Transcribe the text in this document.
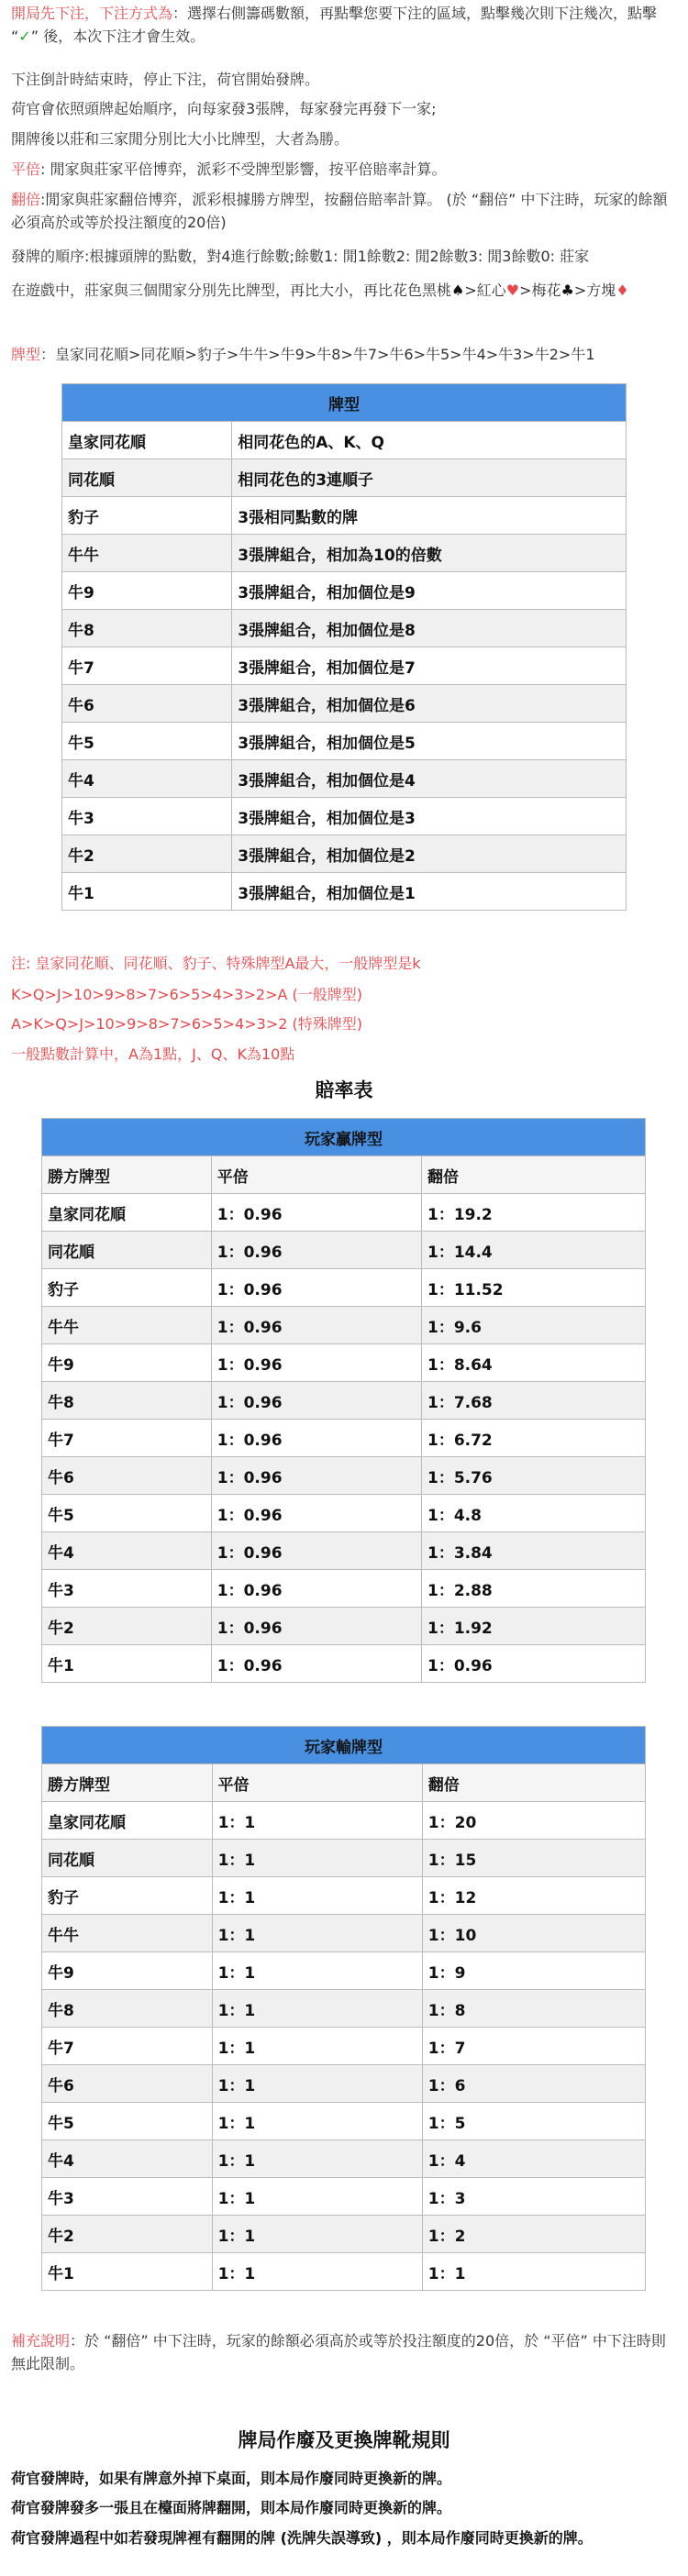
開局先下注，下注方式為：選擇右側籌碼數額，再點擊您要下注的區域，點擊幾次則下注幾次，點擊 “✓” 後，本次下注才會生效。
下注倒計時結束時，停止下注，荷官開始發牌。
荷官會依照頭牌起始順序，向每家發3張牌，每家發完再發下一家;
開牌後以莊和三家閒分別比大小比牌型，大者為勝。
平倍: 閒家與莊家平倍博弈，派彩不受牌型影響，按平倍賠率計算。
翻倍:閒家與莊家翻倍博弈，派彩根據勝方牌型，按翻倍賠率計算。 (於 “翻倍” 中下注時，玩家的餘額必須高於或等於投注額度的20倍)
發牌的順序:根據頭牌的點數，對4進行餘數;餘數1: 閒1餘數2: 閒2餘數3: 閒3餘數0: 莊家
在遊戲中，莊家與三個閒家分別先比牌型，再比大小，再比花色黑桃♠>紅心♥>梅花♣>方塊♦
牌型：皇家同花順>同花順>豹子>牛牛>牛9>牛8>牛7>牛6>牛5>牛4>牛3>牛2>牛1
牌型	
皇家同花順	相同花色的A、K、Q
同花順	相同花色的3連順子
豹子	3張相同點數的牌
牛牛	3張牌組合，相加為10的倍數
牛9	3張牌組合，相加個位是9
牛8	3張牌組合，相加個位是8
牛7	3張牌組合，相加個位是7
牛6	3張牌組合，相加個位是6
牛5	3張牌組合，相加個位是5
牛4	3張牌組合，相加個位是4
牛3	3張牌組合，相加個位是3
牛2	3張牌組合，相加個位是2
牛1	3張牌組合，相加個位是1
注: 皇家同花順、同花順、豹子、特殊牌型A最大，一般牌型是k
K>Q>J>10>9>8>7>6>5>4>3>2>A (一般牌型)
A>K>Q>J>10>9>8>7>6>5>4>3>2 (特殊牌型)
一般點數計算中，A為1點，J、Q、K為10點
賠率表
玩家贏牌型		
勝方牌型	平倍	翻倍
皇家同花順	1：0.96	1：19.2
同花順	1：0.96	1：14.4
豹子	1：0.96	1：11.52
牛牛	1：0.96	1：9.6
牛9	1：0.96	1：8.64
牛8	1：0.96	1：7.68
牛7	1：0.96	1：6.72
牛6	1：0.96	1：5.76
牛5	1：0.96	1：4.8
牛4	1：0.96	1：3.84
牛3	1：0.96	1：2.88
牛2	1：0.96	1：1.92
牛1	1：0.96	1：0.96
玩家輸牌型		
勝方牌型	平倍	翻倍
皇家同花順	1：1	1：20
同花順	1：1	1：15
豹子	1：1	1：12
牛牛	1：1	1：10
牛9	1：1	1：9
牛8	1：1	1：8
牛7	1：1	1：7
牛6	1：1	1：6
牛5	1：1	1：5
牛4	1：1	1：4
牛3	1：1	1：3
牛2	1：1	1：2
牛1	1：1	1：1
補充說明：於 “翻倍” 中下注時，玩家的餘額必須高於或等於投注額度的20倍，於 “平倍” 中下注時則無此限制。
牌局作廢及更換牌靴規則
荷官發牌時，如果有牌意外掉下桌面，則本局作廢同時更換新的牌。
荷官發牌發多一張且在檯面將牌翻開，則本局作廢同時更換新的牌。
荷官發牌過程中如若發現牌裡有翻開的牌 (洗牌失誤導致) ，則本局作廢同時更換新的牌。
